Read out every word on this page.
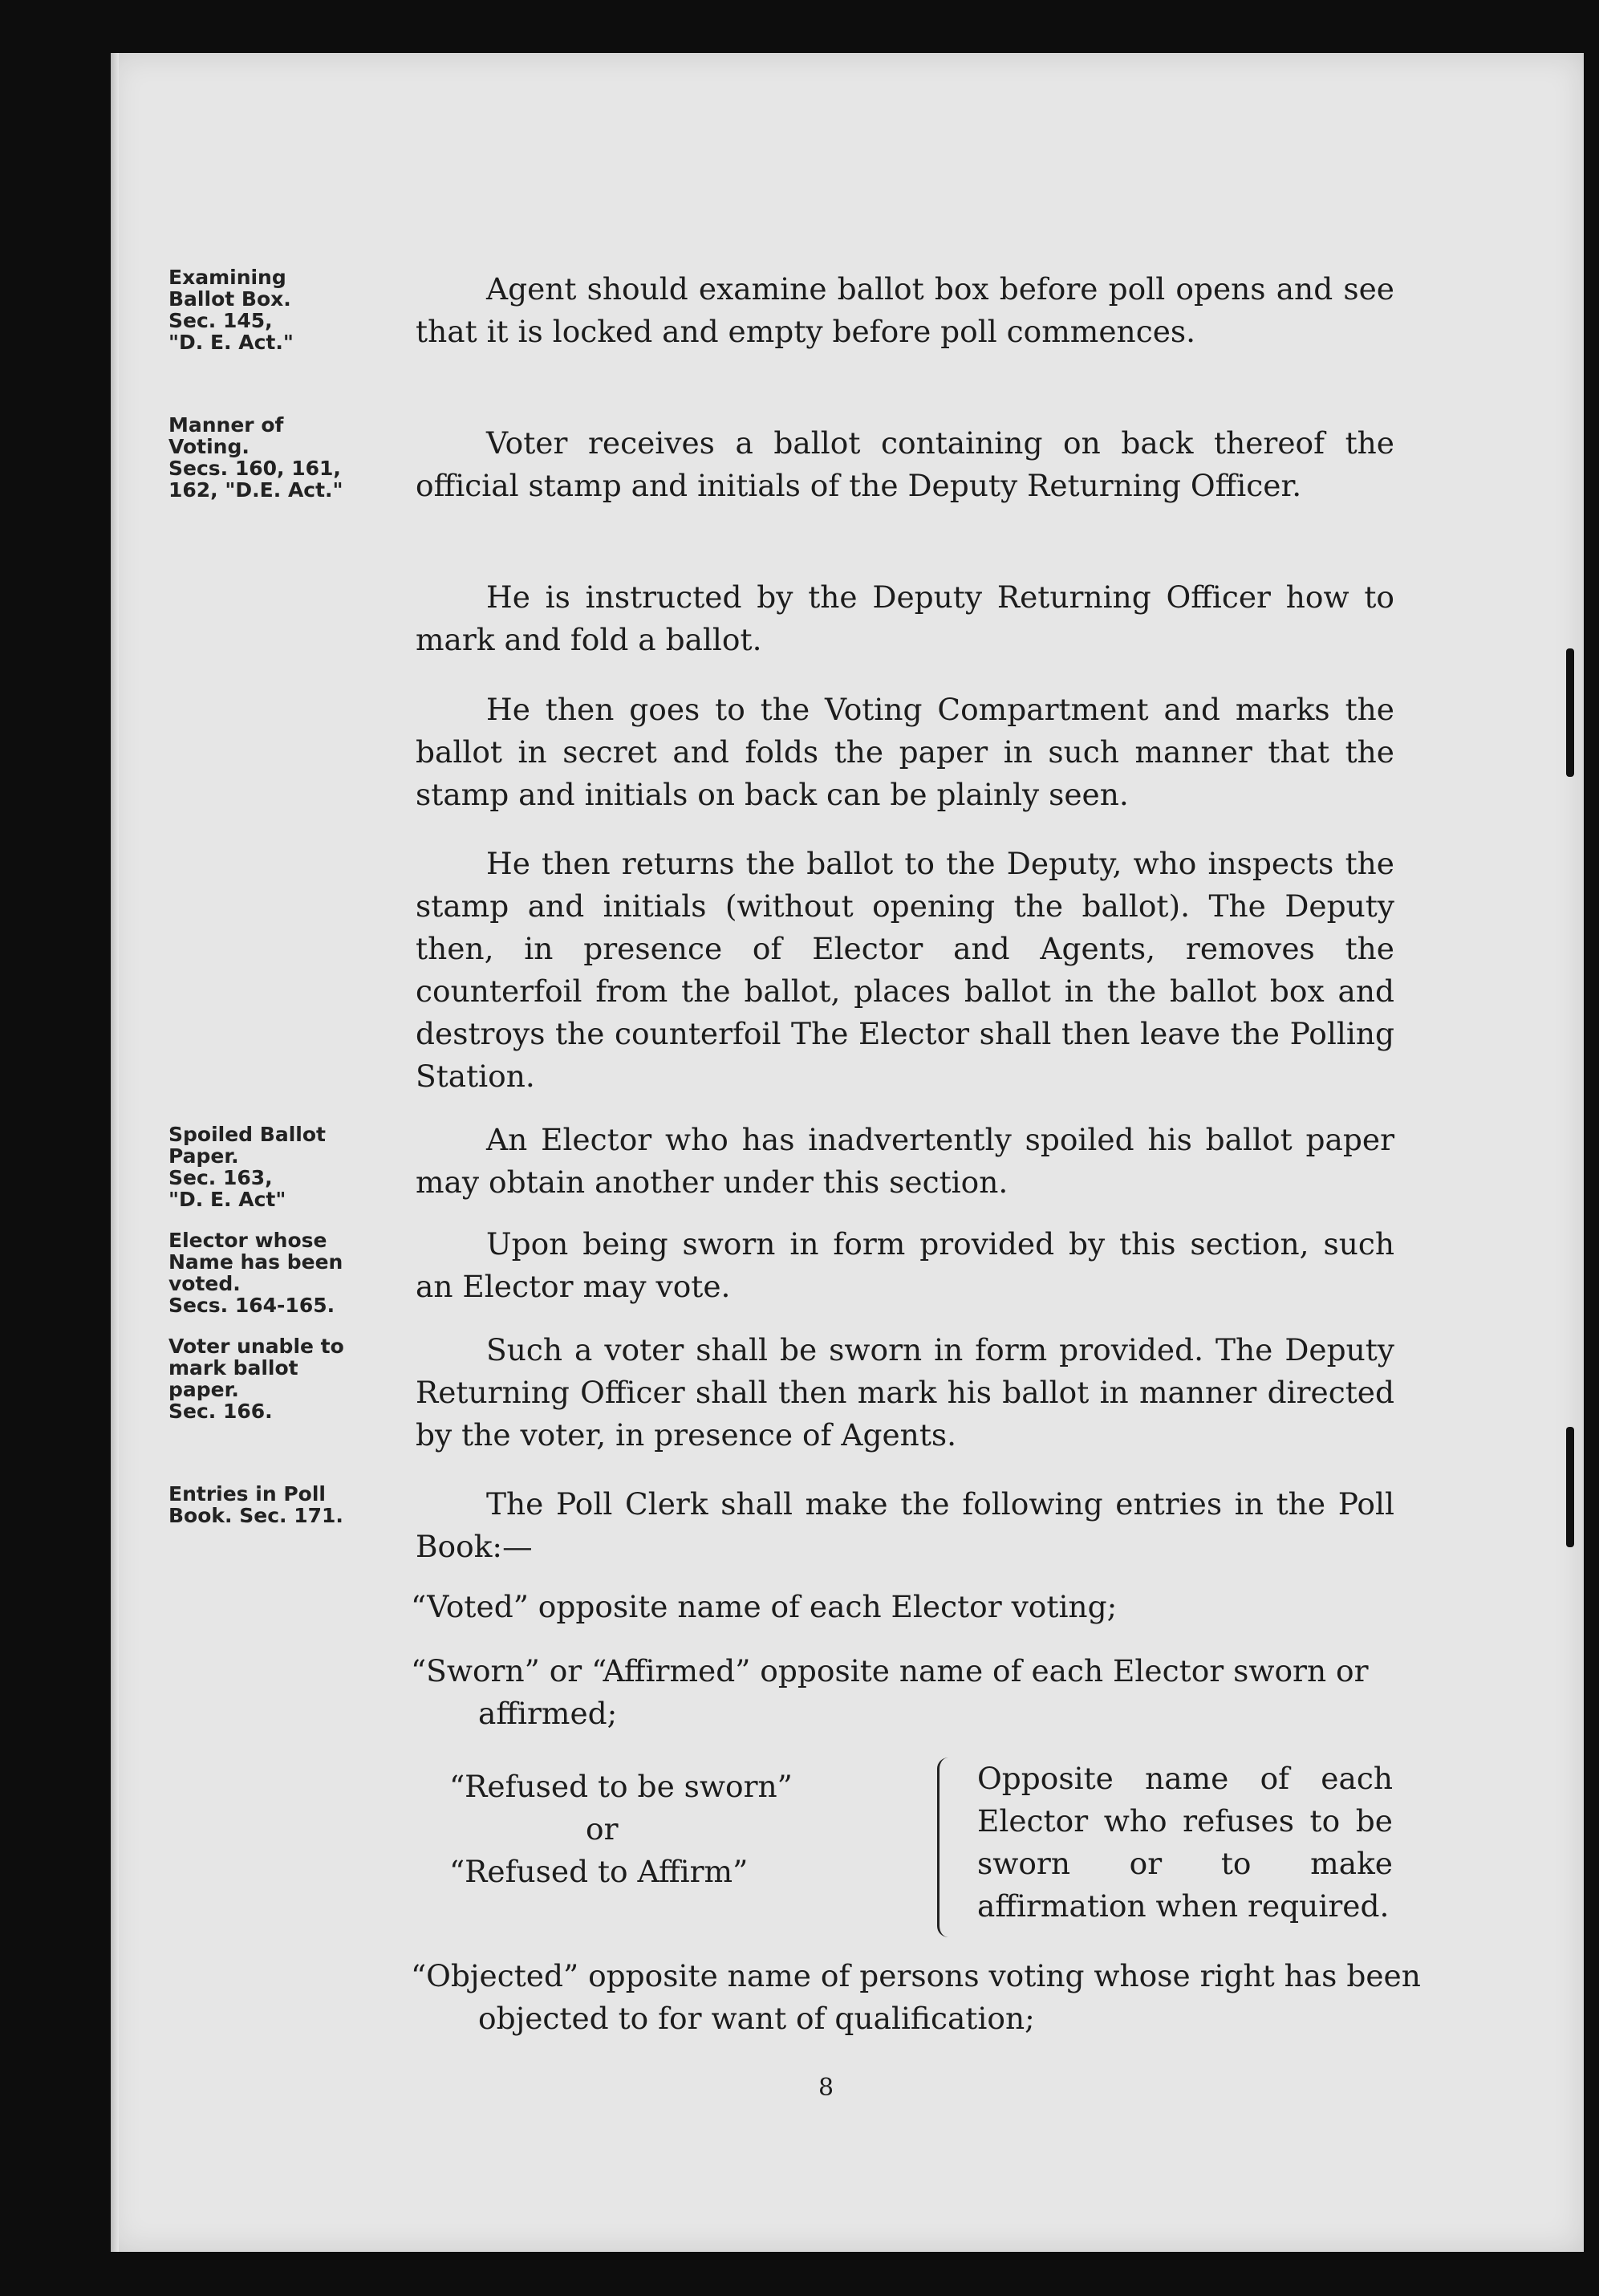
Examining
Ballot Box.
Sec. 145,
"D. E. Act."
Manner of
Voting.
Secs. 160, 161,
162, "D.E. Act."
Spoiled Ballot
Paper.
Sec. 163,
"D. E. Act"
Elector whose
Name has been
voted.
Secs. 164-165.
Voter unable to
mark ballot
paper.
Sec. 166.
Entries in Poll
Book. Sec. 171.

Agent should examine ballot box before poll opens and see that it is locked and empty before poll commences.

Voter receives a ballot containing on back thereof the official stamp and initials of the Deputy Returning Officer.

He is instructed by the Deputy Returning Officer how to mark and fold a ballot.

He then goes to the Voting Compartment and marks the ballot in secret and folds the paper in such manner that the stamp and initials on back can be plainly seen.

He then returns the ballot to the Deputy, who inspects the stamp and initials (without opening the ballot). The Deputy then, in presence of Elector and Agents, removes the counterfoil from the ballot, places ballot in the ballot box and destroys the counterfoil The Elector shall then leave the Polling Station.

An Elector who has inadvertently spoiled his ballot paper may obtain another under this section.

Upon being sworn in form provided by this section, such an Elector may vote.

Such a voter shall be sworn in form provided. The Deputy Returning Officer shall then mark his ballot in manner directed by the voter, in presence of Agents.

The Poll Clerk shall make the following entries in the Poll Book:—

“Voted” opposite name of each Elector voting;

“Sworn” or “Affirmed” opposite name of each Elector sworn or affirmed;

“Refused to be sworn”
or
“Refused to Affirm”
Opposite name of each Elector who refuses to be sworn or to make affirmation when required.

“Objected” opposite name of persons voting whose right has been objected to for want of qualification;

8
